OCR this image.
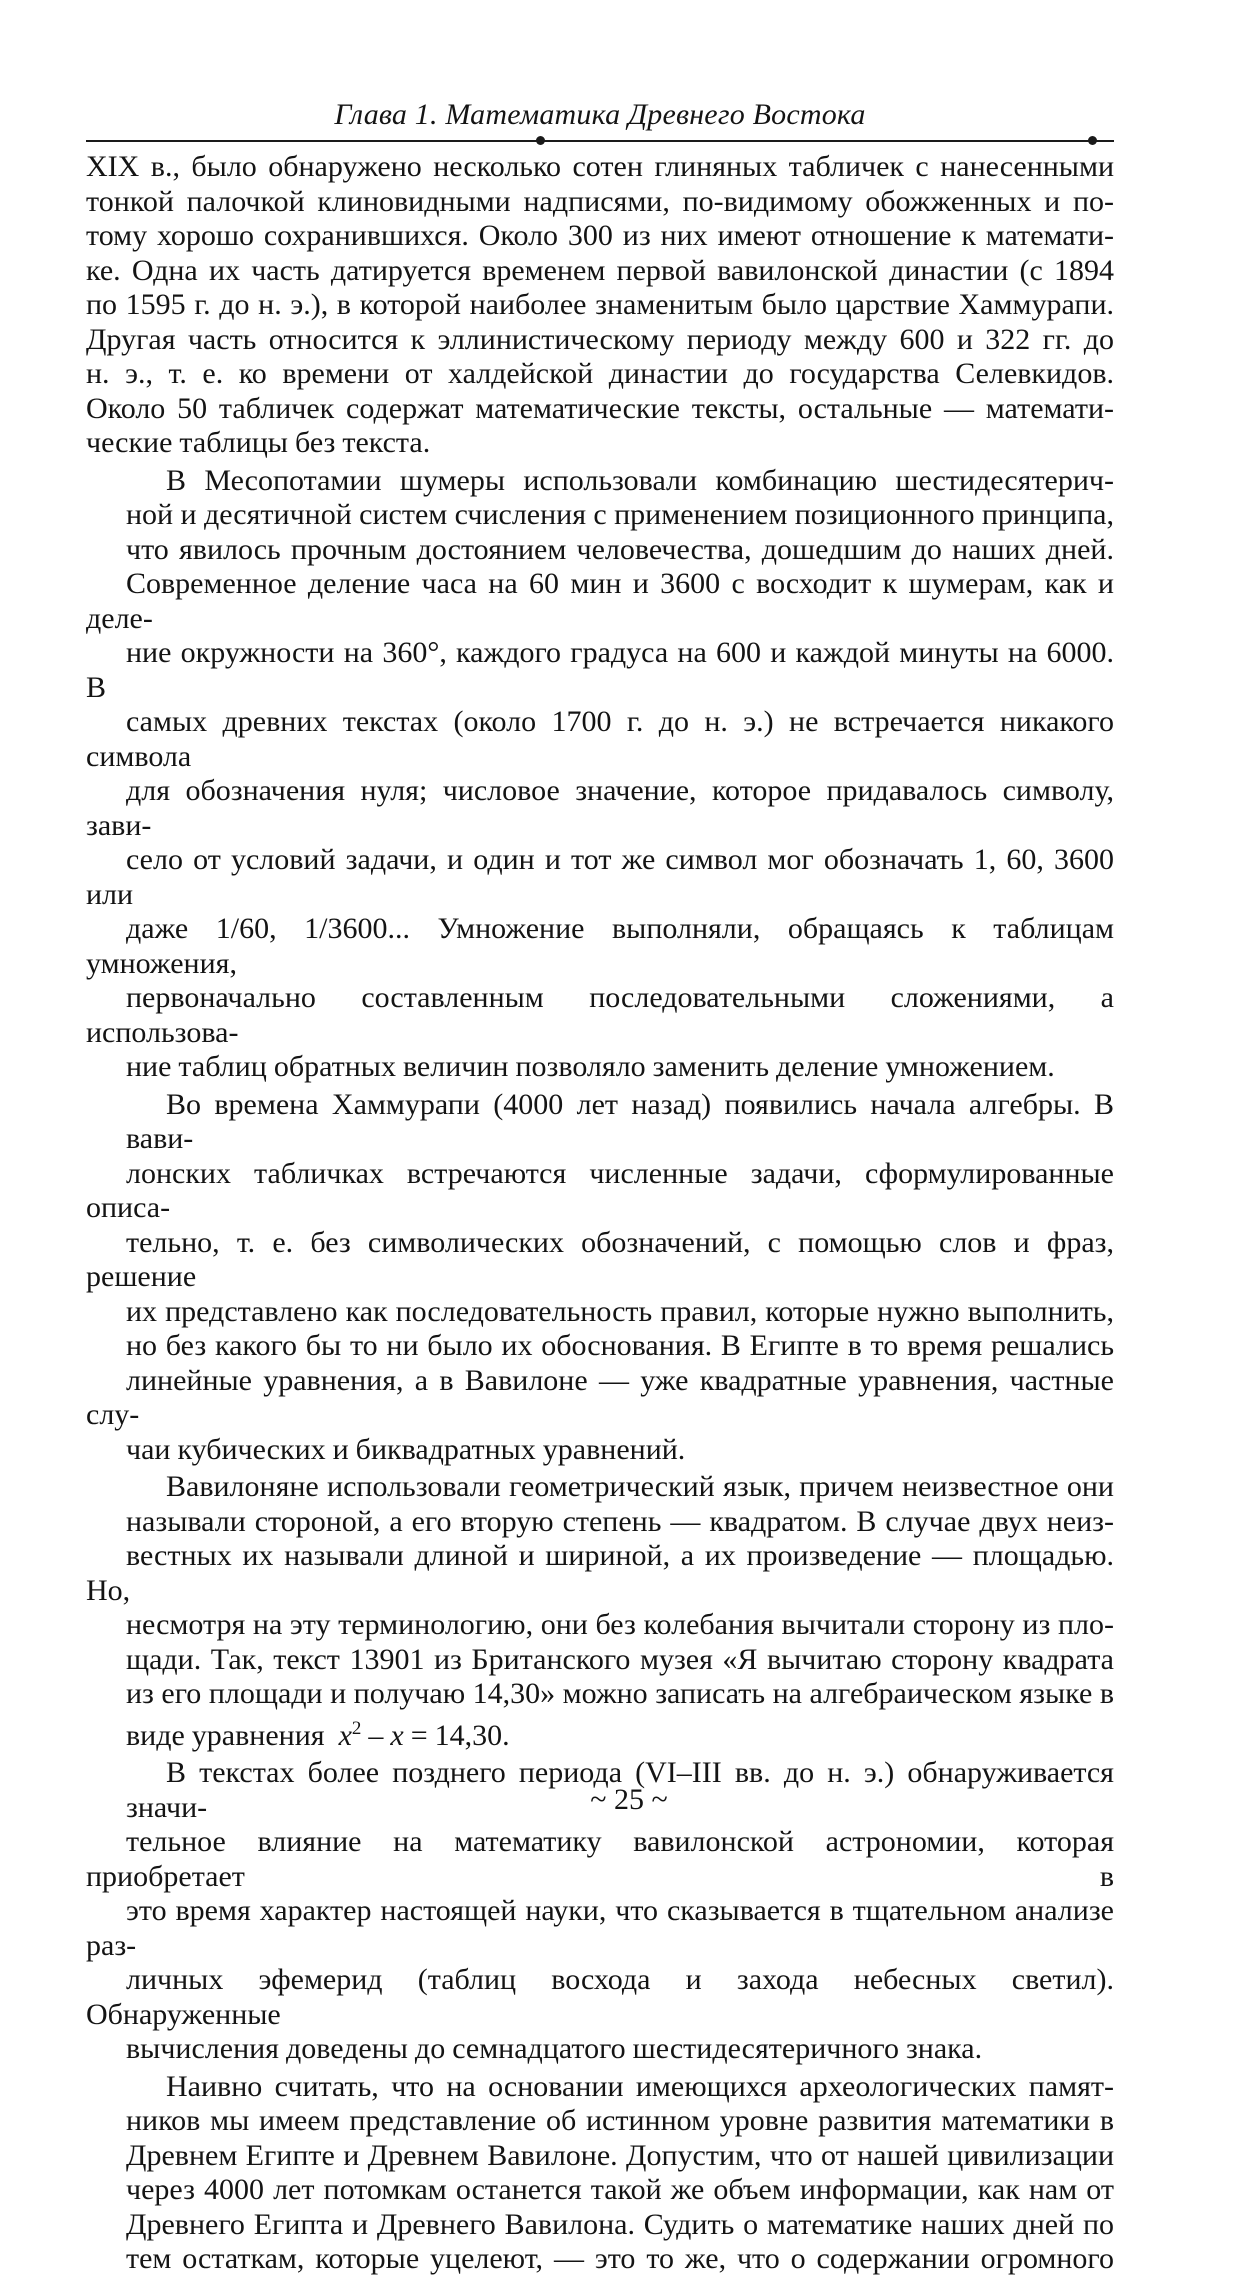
Глава 1. Математика Древнего Востока

XIX в., было обнаружено несколько сотен глиняных табличек с нанесенными
тонкой палочкой клиновидными надписями, по-видимому обожженных и по-
тому хорошо сохранившихся. Около 300 из них имеют отношение к математи-
ке. Одна их часть датируется временем первой вавилонской династии (с 1894
по 1595 г. до н. э.), в которой наиболее знаменитым было царствие Хаммурапи.
Другая часть относится к эллинистическому периоду между 600 и 322 гг. до
н. э., т. е. ко времени от халдейской династии до государства Селевкидов.
Около 50 табличек содержат математические тексты, остальные — математи-
ческие таблицы без текста.

В Месопотамии шумеры использовали комбинацию шестидесятерич-
ной и десятичной систем счисления с применением позиционного принципа,
что явилось прочным достоянием человечества, дошедшим до наших дней.
Современное деление часа на 60 мин и 3600 с восходит к шумерам, как и деле-
ние окружности на 360°, каждого градуса на 600 и каждой минуты на 6000. В
самых древних текстах (около 1700 г. до н. э.) не встречается никакого символа
для обозначения нуля; числовое значение, которое придавалось символу, зави-
село от условий задачи, и один и тот же символ мог обозначать 1, 60, 3600 или
даже 1/60, 1/3600... Умножение выполняли, обращаясь к таблицам умножения,
первоначально составленным последовательными сложениями, а использова-
ние таблиц обратных величин позволяло заменить деление умножением.

Во времена Хаммурапи (4000 лет назад) появились начала алгебры. В вави-
лонских табличках встречаются численные задачи, сформулированные описа-
тельно, т. е. без символических обозначений, с помощью слов и фраз, решение
их представлено как последовательность правил, которые нужно выполнить,
но без какого бы то ни было их обоснования. В Египте в то время решались
линейные уравнения, а в Вавилоне — уже квадратные уравнения, частные слу-
чаи кубических и биквадратных уравнений.

Вавилоняне использовали геометрический язык, причем неизвестное они
называли стороной, а его вторую степень — квадратом. В случае двух неиз-
вестных их называли длиной и шириной, а их произведение — площадью. Но,
несмотря на эту терминологию, они без колебания вычитали сторону из пло-
щади. Так, текст 13901 из Британского музея «Я вычитаю сторону квадрата
из его площади и получаю 14,30» можно записать на алгебраическом языке в
виде уравнения $x^2 - x = 14,30$.

В текстах более позднего периода (VI–III вв. до н. э.) обнаруживается значи-
тельное влияние на математику вавилонской астрономии, которая приобретает в
это время характер настоящей науки, что сказывается в тщательном анализе раз-
личных эфемерид (таблиц восхода и захода небесных светил). Обнаруженные
вычисления доведены до семнадцатого шестидесятеричного знака.

Наивно считать, что на основании имеющихся археологических памят-
ников мы имеем представление об истинном уровне развития математики в
Древнем Египте и Древнем Вавилоне. Допустим, что от нашей цивилизации
через 4000 лет потомкам останется такой же объем информации, как нам от
Древнего Египта и Древнего Вавилона. Судить о математике наших дней по
тем остаткам, которые уцелеют, — это то же, что о содержании огромного

~ 25 ~
